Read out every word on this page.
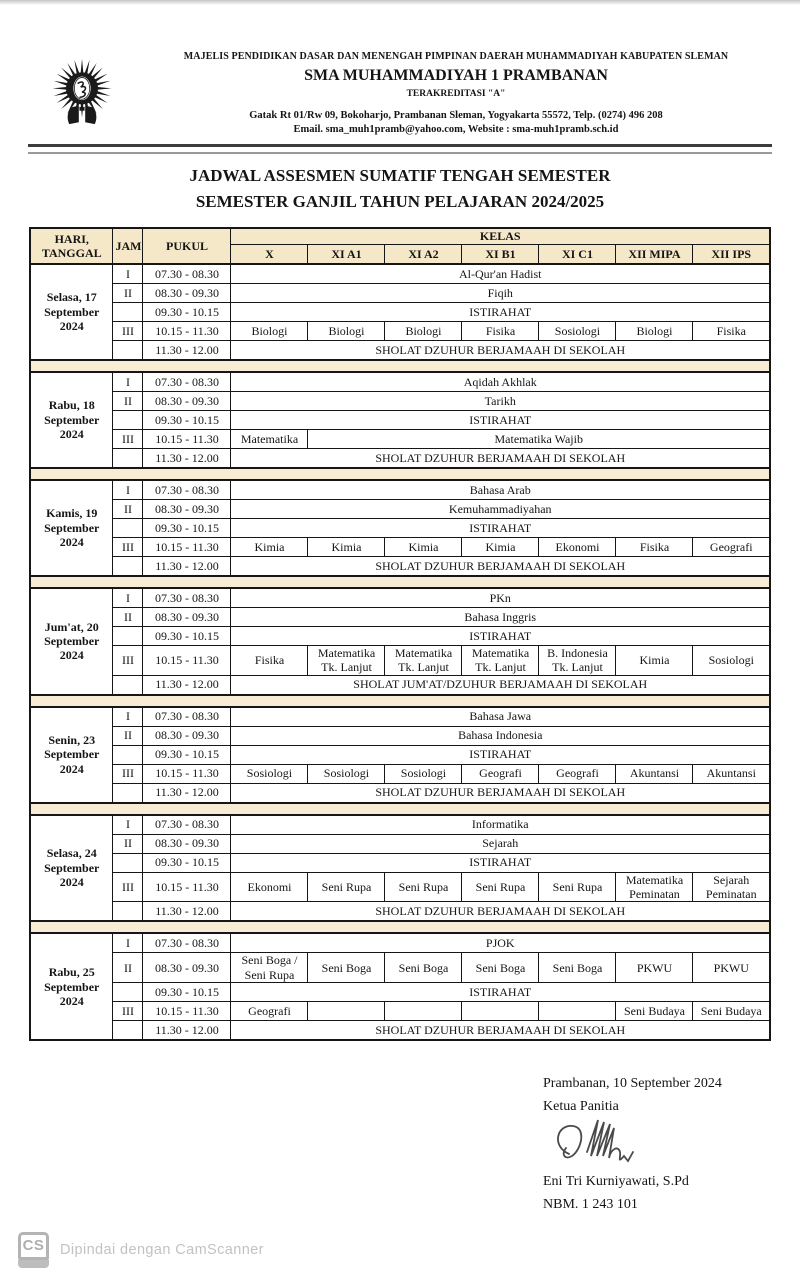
MAJELIS PENDIDIKAN DASAR DAN MENENGAH PIMPINAN DAERAH MUHAMMADIYAH KABUPATEN SLEMAN
SMA MUHAMMADIYAH 1 PRAMBANAN
TERAKREDITASI "A"
Gatak Rt 01/Rw 09, Bokoharjo, Prambanan Sleman, Yogyakarta 55572, Telp. (0274) 496 208
Email. sma_muh1pramb@yahoo.com, Website : sma-muh1pramb.sch.id
JADWAL ASSESMEN SUMATIF TENGAH SEMESTER
SEMESTER GANJIL TAHUN PELAJARAN 2024/2025
HARI, TANGGAL	JAM	PUKUL	KELAS						
			X	XI A1	XI A2	XI B1	XI C1	XII MIPA	XII IPS
Selasa, 17 September 2024	I	07.30 - 08.30	Al-Qur'an Hadist						
	II	08.30 - 09.30	Fiqih						
		09.30 - 10.15	ISTIRAHAT						
	III	10.15 - 11.30	Biologi	Biologi	Biologi	Fisika	Sosiologi	Biologi	Fisika
		11.30 - 12.00	SHOLAT DZUHUR BERJAMAAH DI SEKOLAH						

Rabu, 18 September 2024	I	07.30 - 08.30	Aqidah Akhlak						
	II	08.30 - 09.30	Tarikh						
		09.30 - 10.15	ISTIRAHAT						
	III	10.15 - 11.30	Matematika	Matematika Wajib					
		11.30 - 12.00	SHOLAT DZUHUR BERJAMAAH DI SEKOLAH						

Kamis, 19 September 2024	I	07.30 - 08.30	Bahasa Arab						
	II	08.30 - 09.30	Kemuhammadiyahan						
		09.30 - 10.15	ISTIRAHAT						
	III	10.15 - 11.30	Kimia	Kimia	Kimia	Kimia	Ekonomi	Fisika	Geografi
		11.30 - 12.00	SHOLAT DZUHUR BERJAMAAH DI SEKOLAH						

Jum'at, 20 September 2024	I	07.30 - 08.30	PKn						
	II	08.30 - 09.30	Bahasa Inggris						
		09.30 - 10.15	ISTIRAHAT						
	III	10.15 - 11.30	Fisika	Matematika Tk. Lanjut	Matematika Tk. Lanjut	Matematika Tk. Lanjut	B. Indonesia Tk. Lanjut	Kimia	Sosiologi
		11.30 - 12.00	SHOLAT JUM'AT/DZUHUR BERJAMAAH DI SEKOLAH						

Senin, 23 September 2024	I	07.30 - 08.30	Bahasa Jawa						
	II	08.30 - 09.30	Bahasa Indonesia						
		09.30 - 10.15	ISTIRAHAT						
	III	10.15 - 11.30	Sosiologi	Sosiologi	Sosiologi	Geografi	Geografi	Akuntansi	Akuntansi
		11.30 - 12.00	SHOLAT DZUHUR BERJAMAAH DI SEKOLAH						

Selasa, 24 September 2024	I	07.30 - 08.30	Informatika						
	II	08.30 - 09.30	Sejarah						
		09.30 - 10.15	ISTIRAHAT						
	III	10.15 - 11.30	Ekonomi	Seni Rupa	Seni Rupa	Seni Rupa	Seni Rupa	Matematika Peminatan	Sejarah Peminatan
		11.30 - 12.00	SHOLAT DZUHUR BERJAMAAH DI SEKOLAH						

Rabu, 25 September 2024	I	07.30 - 08.30	PJOK						
	II	08.30 - 09.30	Seni Boga / Seni Rupa	Seni Boga	Seni Boga	Seni Boga	Seni Boga	PKWU	PKWU
		09.30 - 10.15	ISTIRAHAT						
	III	10.15 - 11.30	Geografi					Seni Budaya	Seni Budaya
		11.30 - 12.00	SHOLAT DZUHUR BERJAMAAH DI SEKOLAH						
Prambanan, 10 September 2024
Ketua Panitia
Eni Tri Kurniyawati, S.Pd
NBM. 1 243 101
CS	Dipindai dengan CamScanner
